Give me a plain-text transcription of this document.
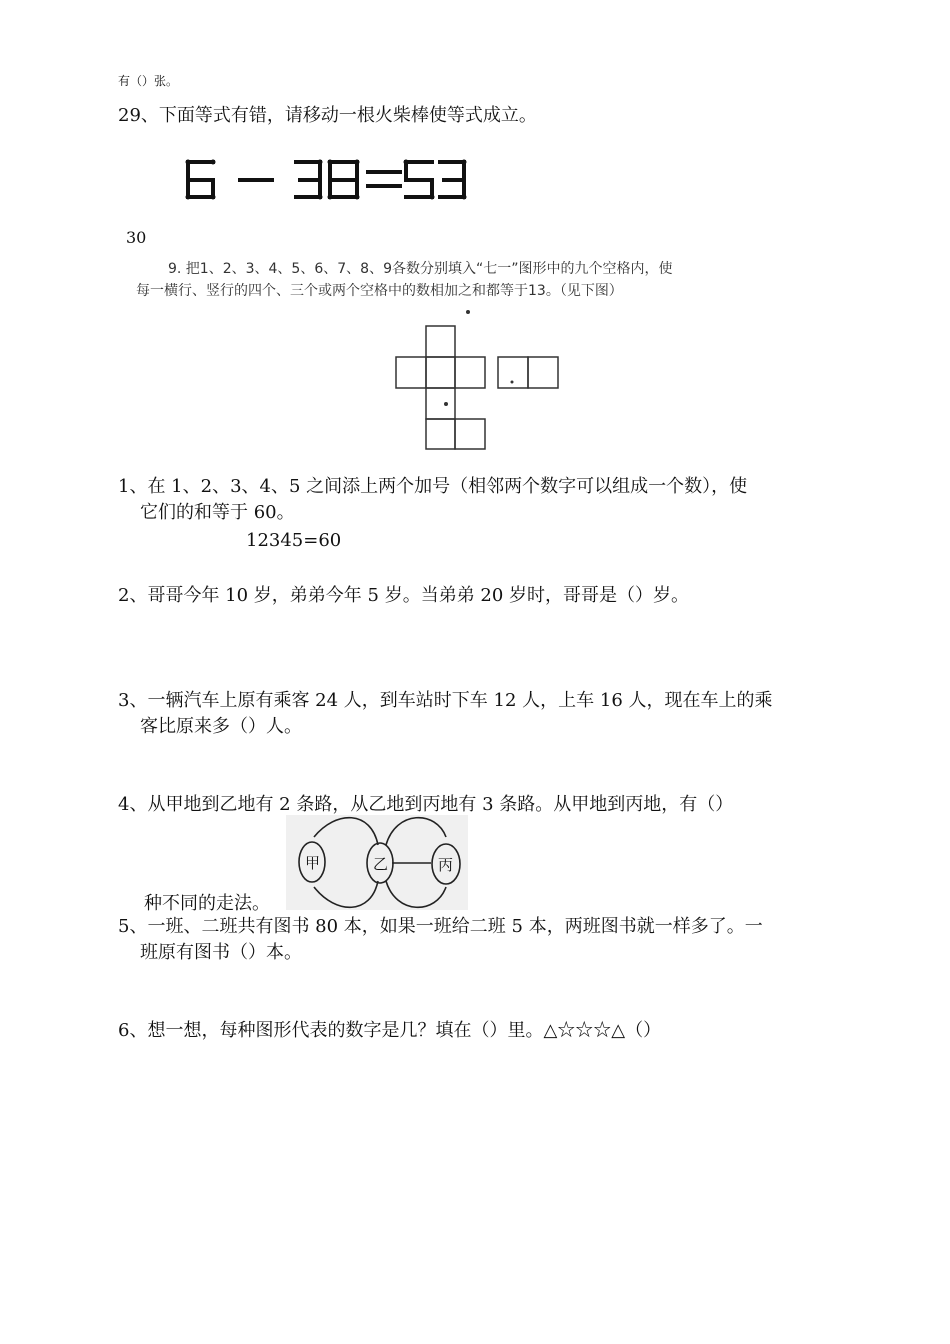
有（）张。
29、下面等式有错，请移动一根火柴棒使等式成立。
30
9. 把1、2、3、4、5、6、7、8、9各数分别填入“七一”图形中的九个空格内，使
每一横行、竖行的四个、三个或两个空格中的数相加之和都等于13。（见下图）
1、在 1、2、3、4、5 之间添上两个加号（相邻两个数字可以组成一个数），使
它们的和等于 60。
12345=60
2、哥哥今年 10 岁，弟弟今年 5 岁。当弟弟 20 岁时，哥哥是（）岁。
3、一辆汽车上原有乘客 24 人，到车站时下车 12 人，上车 16 人，现在车上的乘
客比原来多（）人。
4、从甲地到乙地有 2 条路，从乙地到丙地有 3 条路。从甲地到丙地，有（）
甲	乙	丙
种不同的走法。
5、一班、二班共有图书 80 本，如果一班给二班 5 本，两班图书就一样多了。一
班原有图书（）本。
6、想一想，每种图形代表的数字是几？填在（）里。△☆☆☆△（）
